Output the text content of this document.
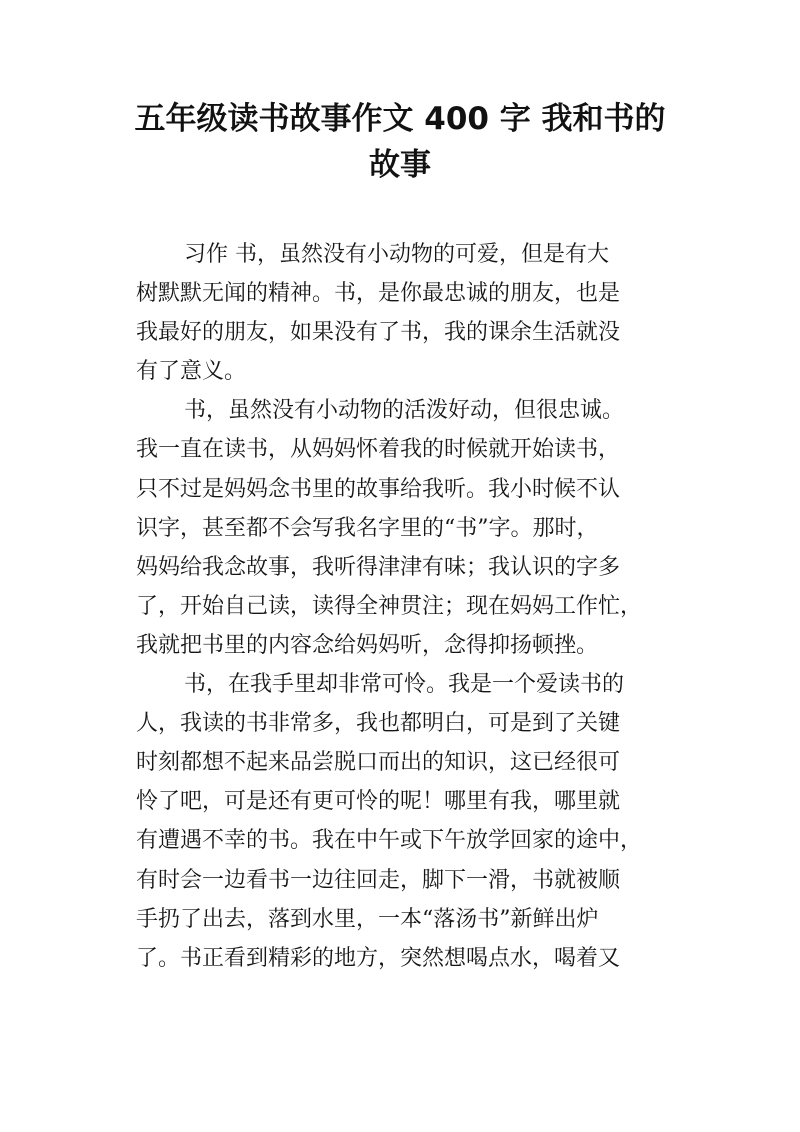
五年级读书故事作文 400 字 我和书的
故事
习作 书，虽然没有小动物的可爱，但是有大
树默默无闻的精神。书，是你最忠诚的朋友，也是
我最好的朋友，如果没有了书，我的课余生活就没
有了意义。
书，虽然没有小动物的活泼好动，但很忠诚。
我一直在读书，从妈妈怀着我的时候就开始读书，
只不过是妈妈念书里的故事给我听。我小时候不认
识字，甚至都不会写我名字里的“书”字。那时，
妈妈给我念故事，我听得津津有味；我认识的字多
了，开始自己读，读得全神贯注；现在妈妈工作忙，
我就把书里的内容念给妈妈听，念得抑扬顿挫。
书，在我手里却非常可怜。我是一个爱读书的
人，我读的书非常多，我也都明白，可是到了关键
时刻都想不起来品尝脱口而出的知识，这已经很可
怜了吧，可是还有更可怜的呢！哪里有我，哪里就
有遭遇不幸的书。我在中午或下午放学回家的途中，
有时会一边看书一边往回走，脚下一滑，书就被顺
手扔了出去，落到水里，一本“落汤书”新鲜出炉
了。书正看到精彩的地方，突然想喝点水，喝着又
